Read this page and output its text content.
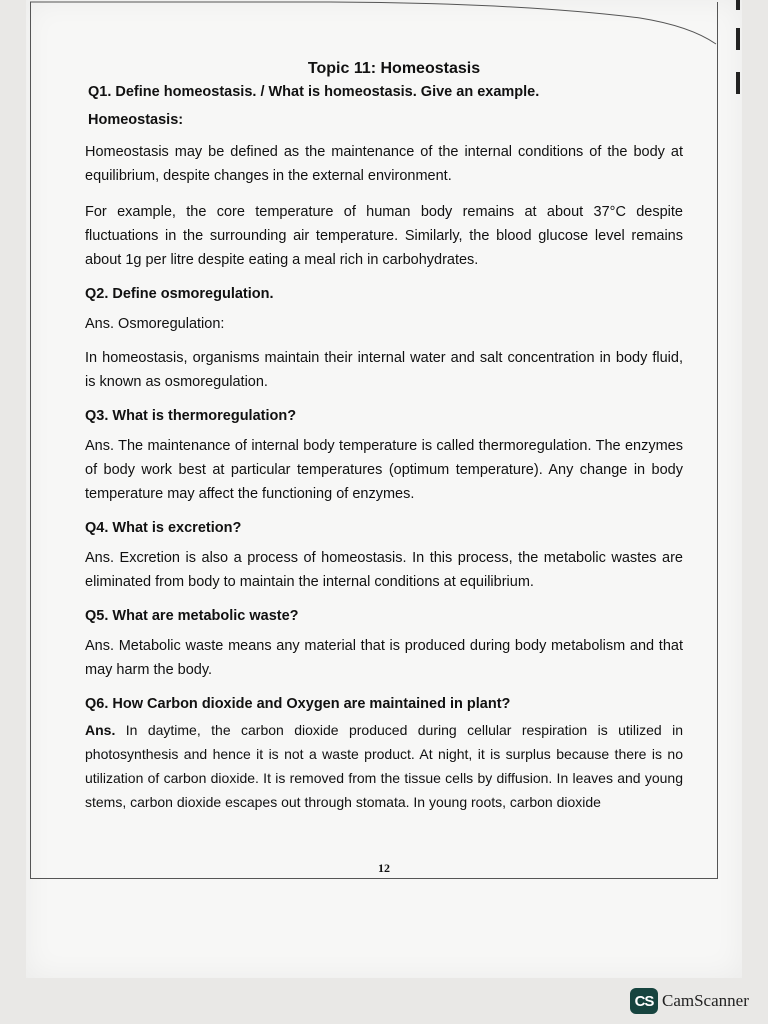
Topic 11: Homeostasis

Q1. Define homeostasis. / What is homeostasis. Give an example.

Homeostasis:

Homeostasis may be defined as the maintenance of the internal conditions of the body at equilibrium, despite changes in the external environment.

For example, the core temperature of human body remains at about 37°C despite fluctuations in the surrounding air temperature. Similarly, the blood glucose level remains about 1g per litre despite eating a meal rich in carbohydrates.

Q2. Define osmoregulation.

Ans. Osmoregulation:

In homeostasis, organisms maintain their internal water and salt concentration in body fluid, is known as osmoregulation.

Q3. What is thermoregulation?

Ans. The maintenance of internal body temperature is called thermoregulation. The enzymes of body work best at particular temperatures (optimum temperature). Any change in body temperature may affect the functioning of enzymes.

Q4. What is excretion?

Ans. Excretion is also a process of homeostasis. In this process, the metabolic wastes are eliminated from body to maintain the internal conditions at equilibrium.

Q5. What are metabolic waste?

Ans. Metabolic waste means any material that is produced during body metabolism and that may harm the body.

Q6. How Carbon dioxide and Oxygen are maintained in plant?

Ans. In daytime, the carbon dioxide produced during cellular respiration is utilized in photosynthesis and hence it is not a waste product. At night, it is surplus because there is no utilization of carbon dioxide. It is removed from the tissue cells by diffusion. In leaves and young stems, carbon dioxide escapes out through stomata. In young roots, carbon dioxide

12
CS CamScanner
